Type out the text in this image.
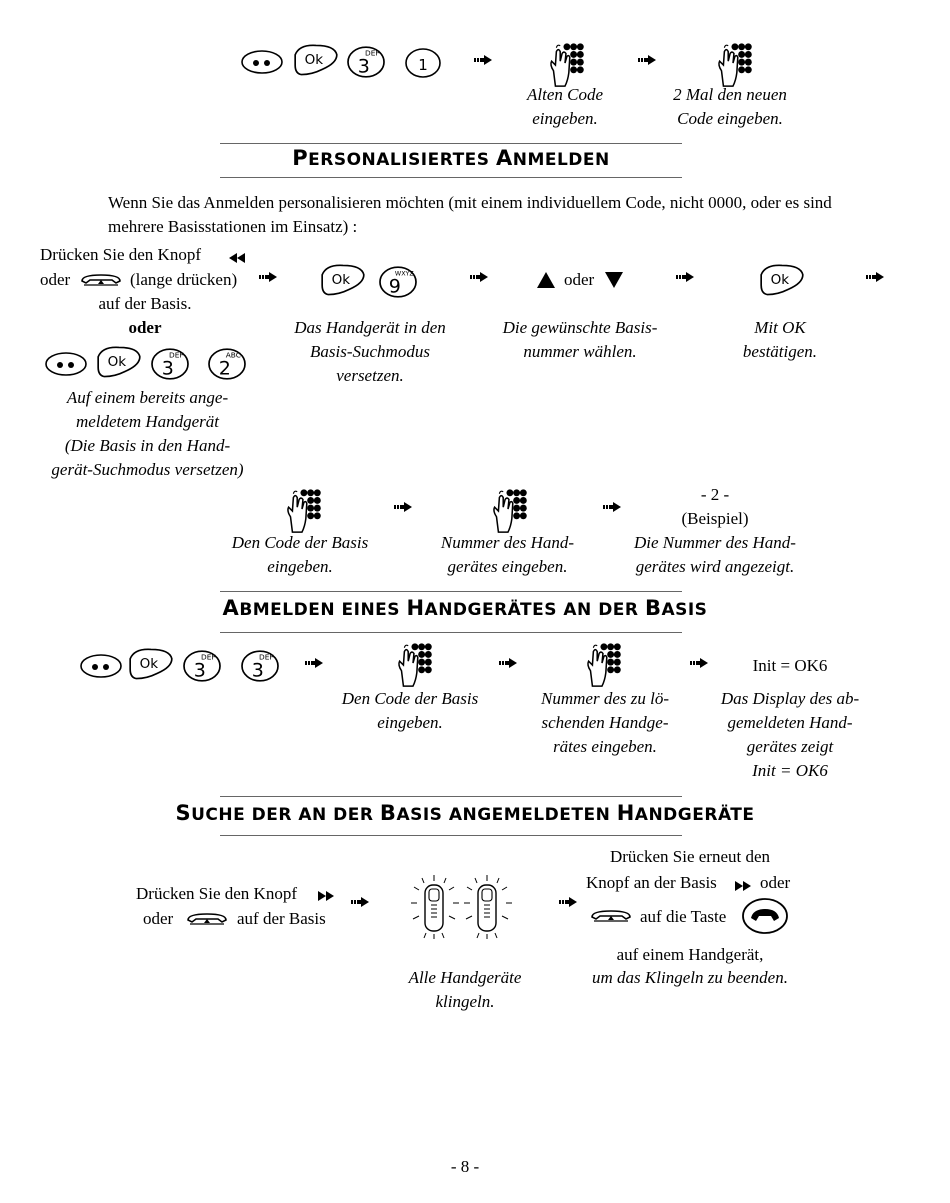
Ok 3
DEF
1
Alten Code
eingeben.
2 Mal den neuen
Code eingeben.
PERSONALISIERTES ANMELDEN
Wenn Sie das Anmelden personalisieren möchten (mit einem individuellem Code, nicht 0000, oder es sind
mehrere Basisstationen im Einsatz) :
Drücken Sie den Knopf
oder	(lange drücken)
auf der Basis.
oder
Ok 3
DEF
2
ABC
Auf einem bereits ange-
meldetem Handgerät
(Die Basis in den Hand-
gerät-Suchmodus versetzen)
Ok 9
WXYZ
Das Handgerät in den
Basis-Suchmodus
versetzen.
oder
Die gewünschte Basis-
nummer wählen.
Ok
Mit OK
bestätigen.
Den Code der Basis
eingeben.
Nummer des Hand-
gerätes eingeben.
- 2 -
(Beispiel)
Die Nummer des Hand-
gerätes wird angezeigt.
ABMELDEN EINES HANDGERÄTES AN DER BASIS
Ok 3
DEF
3
DEF
Den Code der Basis
eingeben.
Nummer des zu lö-
schenden Handge-
rätes eingeben.
Init = OK6
Das Display des ab-
gemeldeten Hand-
gerätes zeigt
Init = OK6
SUCHE DER AN DER BASIS ANGEMELDETEN HANDGERÄTE
Drücken Sie den Knopf
oder	auf der Basis
Alle Handgeräte
klingeln.
Drücken Sie erneut den
Knopf an der Basis	oder
auf die Taste
auf einem Handgerät,
um das Klingeln zu beenden.
- 8 -
